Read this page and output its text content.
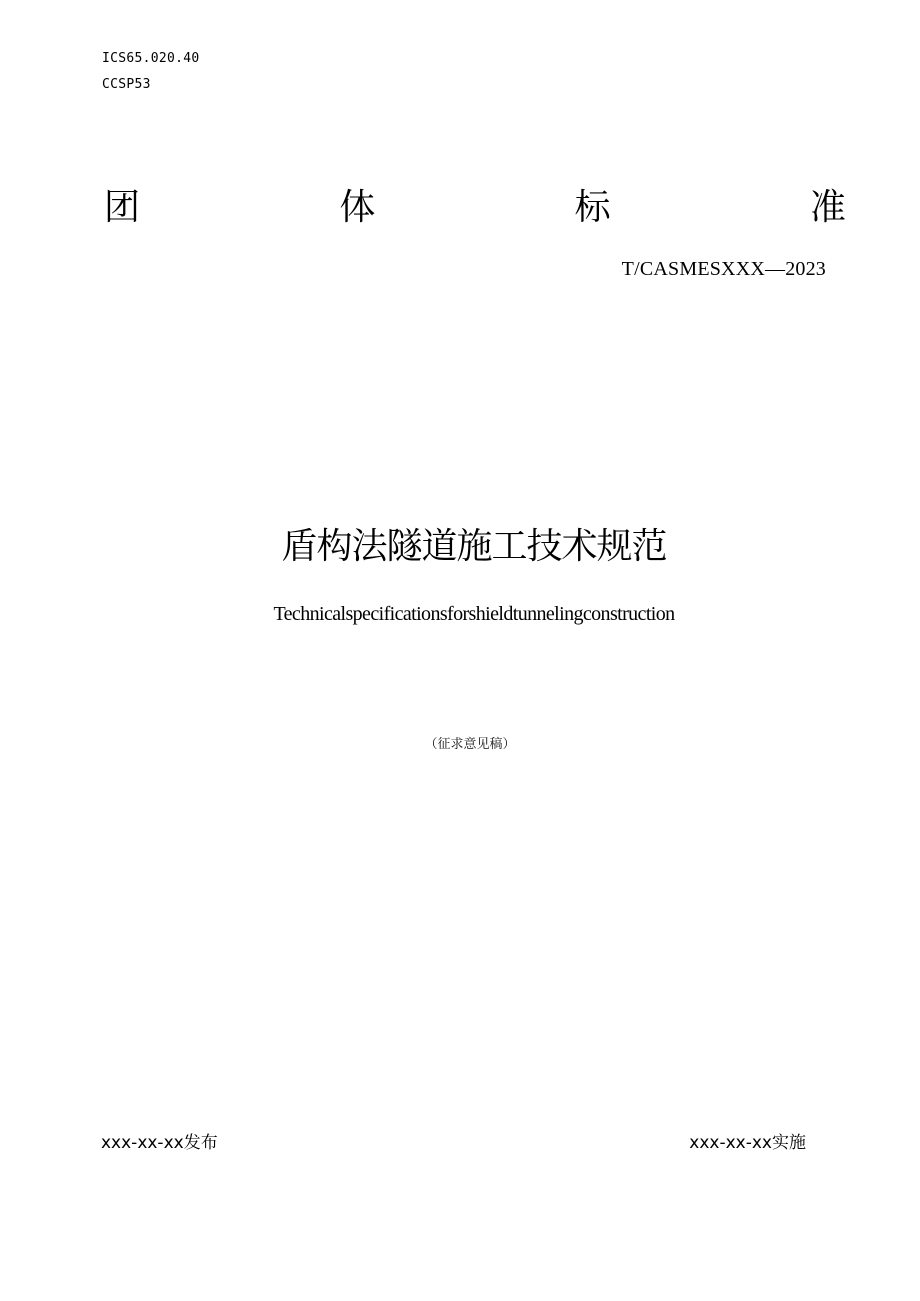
ICS65.020.40
CCSP53
团	体	标	准
T/CASMESXXX—2023
盾构法隧道施工技术规范
Technicalspecificationsforshieldtunnelingconstruction
（征求意见稿）
xxx-xx-xx发布	xxx-xx-xx实施
